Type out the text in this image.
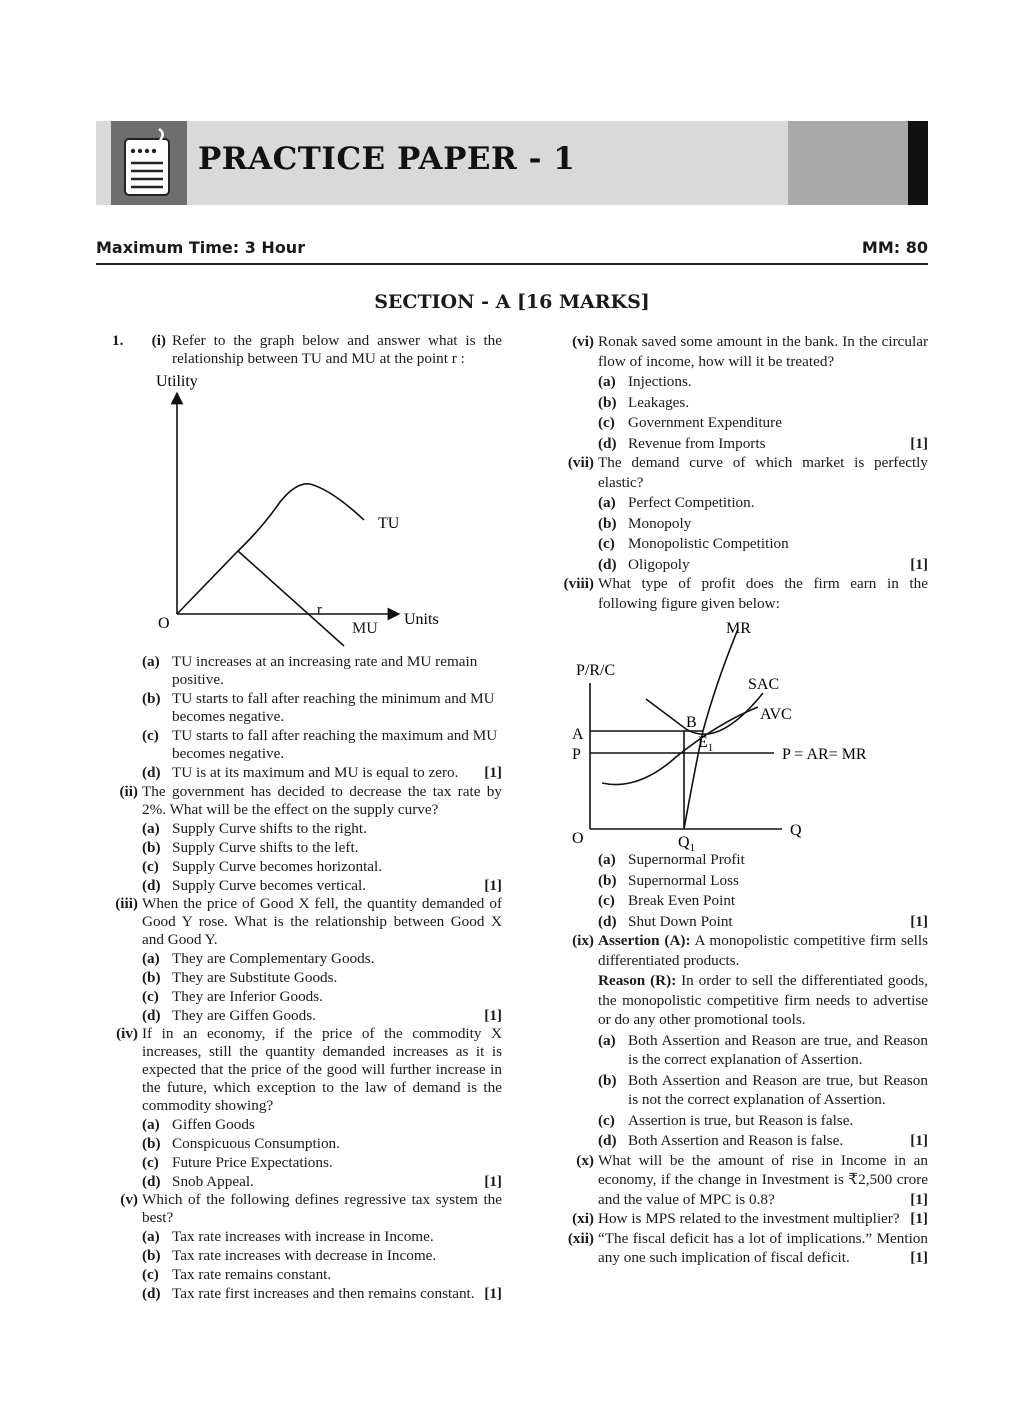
PRACTICE PAPER - 1
Maximum Time: 3 Hour	MM: 80
SECTION - A [16 MARKS]
1.	(i) Refer to the graph below and answer what is the relationship between TU and MU at the point r :
Utility
TU
Units
O
r
MU
(a) TU increases at an increasing rate and MU remain positive.
(b) TU starts to fall after reaching the minimum and MU becomes negative.
(c) TU starts to fall after reaching the maximum and MU becomes negative.
(d) TU is at its maximum and MU is equal to zero. [1]
(ii) The government has decided to decrease the tax rate by 2%. What will be the effect on the supply curve?
(a) Supply Curve shifts to the right.
(b) Supply Curve shifts to the left.
(c) Supply Curve becomes horizontal.
(d) Supply Curve becomes vertical.	[1]
(iii) When the price of Good X fell, the quantity demanded of Good Y rose. What is the relationship between Good X and Good Y.
(a) They are Complementary Goods.
(b) They are Substitute Goods.
(c) They are Inferior Goods.
(d) They are Giffen Goods.	[1]
(iv) If in an economy, if the price of the commodity X increases, still the quantity demanded increases as it is expected that the price of the good will further increase in the future, which exception to the law of demand is the commodity showing?
(a) Giffen Goods
(b) Conspicuous Consumption.
(c) Future Price Expectations.
(d) Snob Appeal.	[1]
(v) Which of the following defines regressive tax system the best?
(a) Tax rate increases with increase in Income.
(b) Tax rate increases with decrease in Income.
(c) Tax rate remains constant.
(d) Tax rate first increases and then remains constant. [1]
(vi) Ronak saved some amount in the bank. In the circular flow of income, how will it be treated?
(a) Injections.
(b) Leakages.
(c) Government Expenditure
(d) Revenue from Imports	[1]
(vii) The demand curve of which market is perfectly elastic?
(a) Perfect Competition.
(b) Monopoly
(c) Monopolistic Competition
(d) Oligopoly	[1]
(viii) What type of profit does the firm earn in the following figure given below:
MR
P/R/C
SAC
AVC
B
$E_1$
A
P	P = AR= MR
O	$Q_1$
Q
(a) Supernormal Profit
(b) Supernormal Loss
(c) Break Even Point
(d) Shut Down Point	[1]
(ix) Assertion (A): A monopolistic competitive firm sells differentiated products.
Reason (R): In order to sell the differentiated goods, the monopolistic competitive firm needs to advertise or do any other promotional tools.
(a) Both Assertion and Reason are true, and Reason is the correct explanation of Assertion.
(b) Both Assertion and Reason are true, but Reason is not the correct explanation of Assertion.
(c) Assertion is true, but Reason is false.
(d) Both Assertion and Reason is false.	[1]
(x) What will be the amount of rise in Income in an economy, if the change in Investment is ₹2,500 crore and the value of MPC is 0.8?	[1]
(xi) How is MPS related to the investment multiplier? [1]
(xii) “The fiscal deficit has a lot of implications.” Mention any one such implication of fiscal deficit.	[1]
